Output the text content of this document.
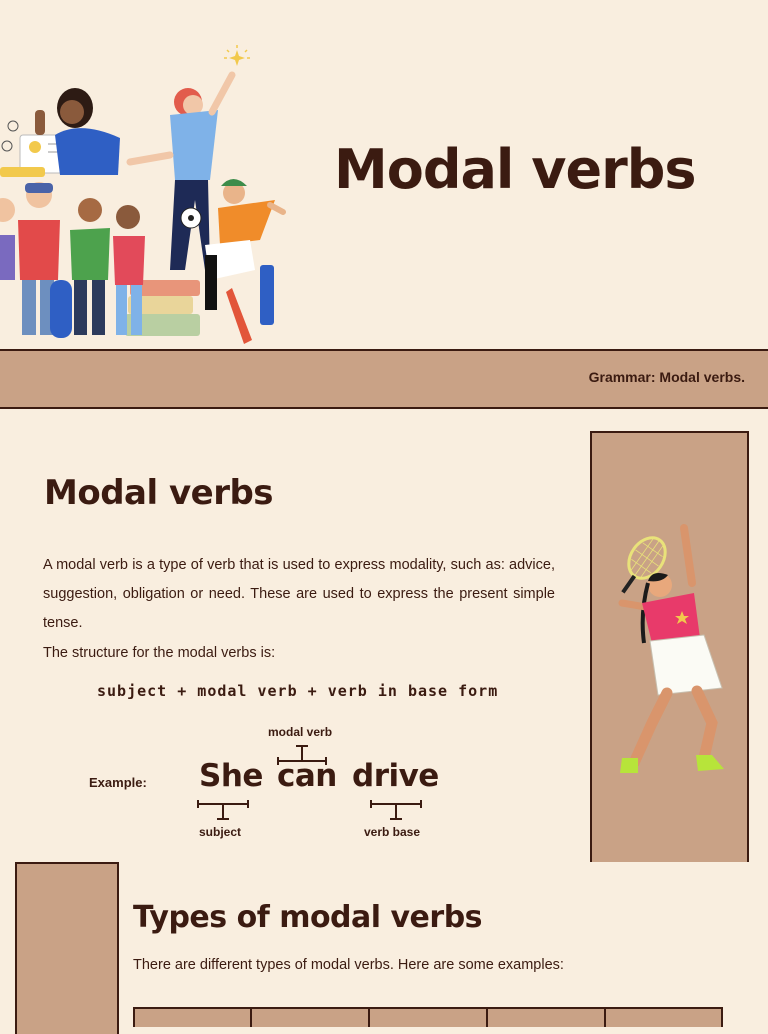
Modal verbs
Grammar: Modal verbs.
Modal verbs

A modal verb is a type of verb that is used to express modality, such as: advice, suggestion, obligation or need. These are used to express the present simple tense.

The structure for the modal verbs is:
subject + modal verb + verb in base form
Example:
modal verb
She can drive
subject	verb base
Types of modal verbs
There are different types of modal verbs. Here are some examples:
